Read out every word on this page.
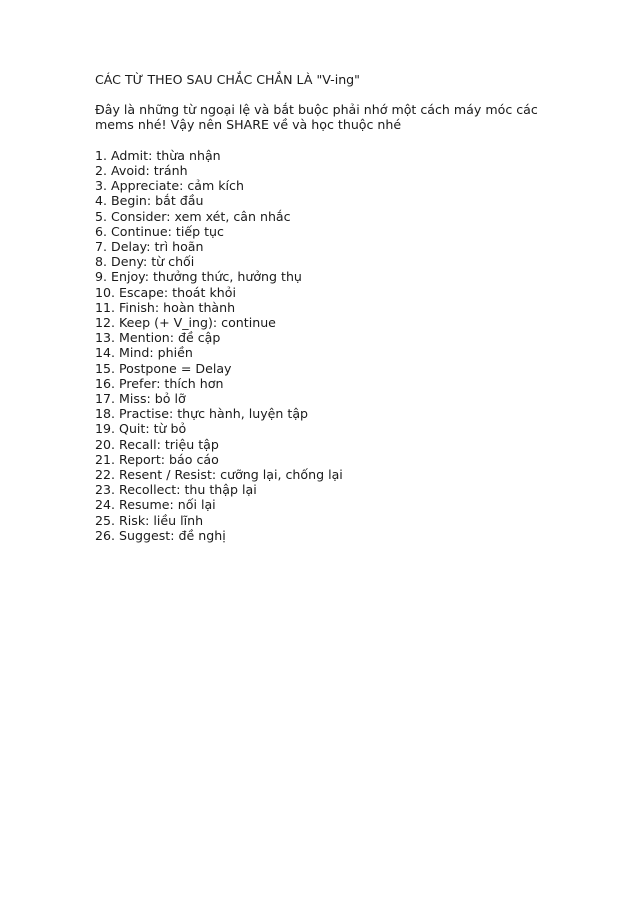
CÁC TỪ THEO SAU CHẮC CHẮN LÀ "V-ing"

Đây là những từ ngoại lệ và bắt buộc phải nhớ một cách máy móc các mems nhé! Vậy nên SHARE về và học thuộc nhé

1. Admit: thừa nhận
2. Avoid: tránh
3. Appreciate: cảm kích
4. Begin: bắt đầu
5. Consider: xem xét, cân nhắc
6. Continue: tiếp tục
7. Delay: trì hoãn
8. Deny: từ chối
9. Enjoy: thưởng thức, hưởng thụ
10. Escape: thoát khỏi
11. Finish: hoàn thành
12. Keep (+ V_ing): continue
13. Mention: đề cập
14. Mind: phiền
15. Postpone = Delay
16. Prefer: thích hơn
17. Miss: bỏ lỡ
18. Practise: thực hành, luyện tập
19. Quit: từ bỏ
20. Recall: triệu tập
21. Report: báo cáo
22. Resent / Resist: cưỡng lại, chống lại
23. Recollect: thu thập lại
24. Resume: nối lại
25. Risk: liều lĩnh
26. Suggest: đề nghị
